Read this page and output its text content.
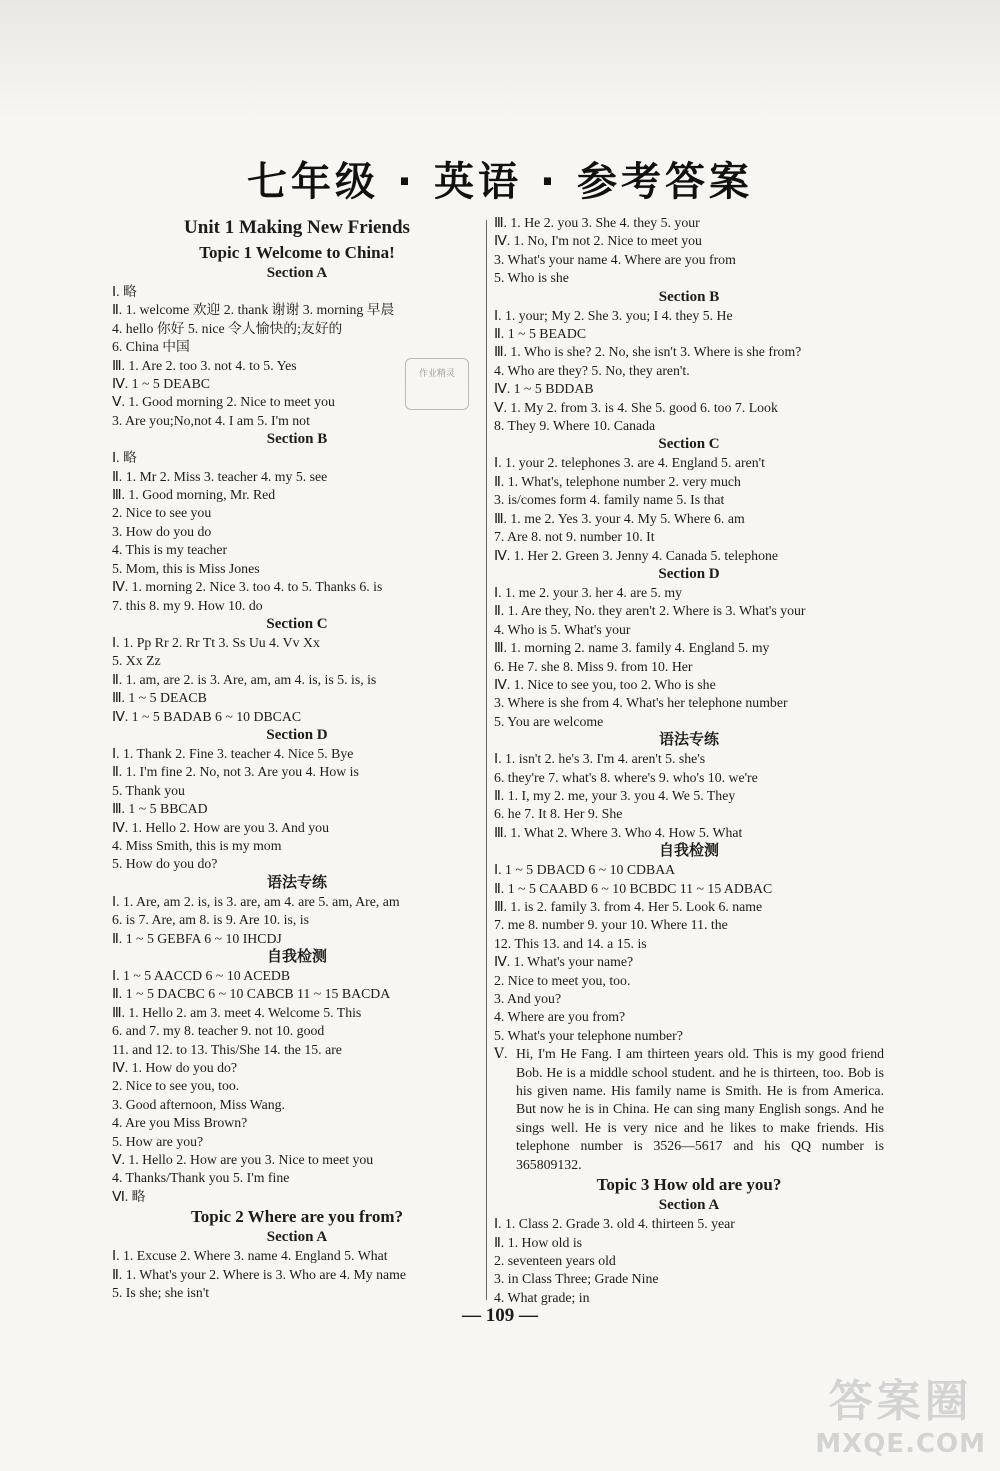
七年级 · 英语 · 参考答案
Unit 1 Making New Friends
Topic 1 Welcome to China!
Section A
Ⅰ. 略
Ⅱ. 1. welcome 欢迎 2. thank 谢谢 3. morning 早晨
4. hello 你好 5. nice 令人愉快的;友好的
6. China 中国
Ⅲ. 1. Are 2. too 3. not 4. to 5. Yes
Ⅳ. 1 ~ 5 DEABC
Ⅴ. 1. Good morning 2. Nice to meet you
3. Are you;No,not 4. I am 5. I'm not
Section B
Ⅰ. 略
Ⅱ. 1. Mr 2. Miss 3. teacher 4. my 5. see
Ⅲ. 1. Good morning, Mr. Red
2. Nice to see you
3. How do you do
4. This is my teacher
5. Mom, this is Miss Jones
Ⅳ. 1. morning 2. Nice 3. too 4. to 5. Thanks 6. is
7. this 8. my 9. How 10. do
Section C
Ⅰ. 1. Pp Rr 2. Rr Tt 3. Ss Uu 4. Vv Xx
5. Xx Zz
Ⅱ. 1. am, are 2. is 3. Are, am, am 4. is, is 5. is, is
Ⅲ. 1 ~ 5 DEACB
Ⅳ. 1 ~ 5 BADAB 6 ~ 10 DBCAC
Section D
Ⅰ. 1. Thank 2. Fine 3. teacher 4. Nice 5. Bye
Ⅱ. 1. I'm fine 2. No, not 3. Are you 4. How is
5. Thank you
Ⅲ. 1 ~ 5 BBCAD
Ⅳ. 1. Hello 2. How are you 3. And you
4. Miss Smith, this is my mom
5. How do you do?
语法专练
Ⅰ. 1. Are, am 2. is, is 3. are, am 4. are 5. am, Are, am
6. is 7. Are, am 8. is 9. Are 10. is, is
Ⅱ. 1 ~ 5 GEBFA 6 ~ 10 IHCDJ
自我检测
Ⅰ. 1 ~ 5 AACCD 6 ~ 10 ACEDB
Ⅱ. 1 ~ 5 DACBC 6 ~ 10 CABCB 11 ~ 15 BACDA
Ⅲ. 1. Hello 2. am 3. meet 4. Welcome 5. This
6. and 7. my 8. teacher 9. not 10. good
11. and 12. to 13. This/She 14. the 15. are
Ⅳ. 1. How do you do?
2. Nice to see you, too.
3. Good afternoon, Miss Wang.
4. Are you Miss Brown?
5. How are you?
Ⅴ. 1. Hello 2. How are you 3. Nice to meet you
4. Thanks/Thank you 5. I'm fine
Ⅵ. 略
Topic 2 Where are you from?
Section A
Ⅰ. 1. Excuse 2. Where 3. name 4. England 5. What
Ⅱ. 1. What's your 2. Where is 3. Who are 4. My name
5. Is she; she isn't
Ⅲ. 1. He 2. you 3. She 4. they 5. your
Ⅳ. 1. No, I'm not 2. Nice to meet you
3. What's your name 4. Where are you from
5. Who is she
Section B
Ⅰ. 1. your; My 2. She 3. you; I 4. they 5. He
Ⅱ. 1 ~ 5 BEADC
Ⅲ. 1. Who is she? 2. No, she isn't 3. Where is she from?
4. Who are they? 5. No, they aren't.
Ⅳ. 1 ~ 5 BDDAB
Ⅴ. 1. My 2. from 3. is 4. She 5. good 6. too 7. Look
8. They 9. Where 10. Canada
Section C
Ⅰ. 1. your 2. telephones 3. are 4. England 5. aren't
Ⅱ. 1. What's, telephone number 2. very much
3. is/comes form 4. family name 5. Is that
Ⅲ. 1. me 2. Yes 3. your 4. My 5. Where 6. am
7. Are 8. not 9. number 10. It
Ⅳ. 1. Her 2. Green 3. Jenny 4. Canada 5. telephone
Section D
Ⅰ. 1. me 2. your 3. her 4. are 5. my
Ⅱ. 1. Are they, No. they aren't 2. Where is 3. What's your
4. Who is 5. What's your
Ⅲ. 1. morning 2. name 3. family 4. England 5. my
6. He 7. she 8. Miss 9. from 10. Her
Ⅳ. 1. Nice to see you, too 2. Who is she
3. Where is she from 4. What's her telephone number
5. You are welcome
语法专练
Ⅰ. 1. isn't 2. he's 3. I'm 4. aren't 5. she's
6. they're 7. what's 8. where's 9. who's 10. we're
Ⅱ. 1. I, my 2. me, your 3. you 4. We 5. They
6. he 7. It 8. Her 9. She
Ⅲ. 1. What 2. Where 3. Who 4. How 5. What
自我检测
Ⅰ. 1 ~ 5 DBACD 6 ~ 10 CDBAA
Ⅱ. 1 ~ 5 CAABD 6 ~ 10 BCBDC 11 ~ 15 ADBAC
Ⅲ. 1. is 2. family 3. from 4. Her 5. Look 6. name
7. me 8. number 9. your 10. Where 11. the
12. This 13. and 14. a 15. is
Ⅳ. 1. What's your name?
2. Nice to meet you, too.
3. And you?
4. Where are you from?
5. What's your telephone number?
Ⅴ. Hi, I'm He Fang. I am thirteen years old. This is my good friend Bob. He is a middle school student. and he is thirteen, too. Bob is his given name. His family name is Smith. He is from America. But now he is in China. He can sing many English songs. And he sings well. He is very nice and he likes to make friends. His telephone number is 3526—5617 and his QQ number is 365809132.
Topic 3 How old are you?
Section A
Ⅰ. 1. Class 2. Grade 3. old 4. thirteen 5. year
Ⅱ. 1. How old is
2. seventeen years old
3. in Class Three; Grade Nine
4. What grade; in
作业精灵
— 109 —
答案圈
MXQE.COM
